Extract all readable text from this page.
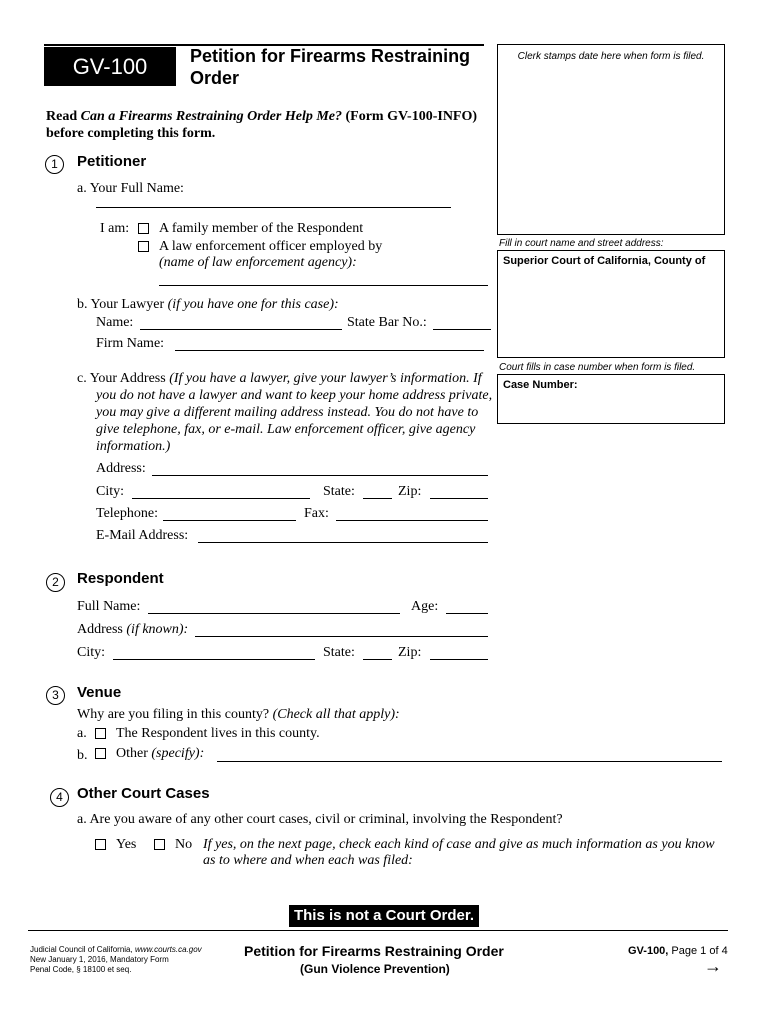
GV-100	Petition for Firearms Restraining
Order
Read Can a Firearms Restraining Order Help Me? (Form GV-100-INFO)
before completing this form.
Clerk stamps date here when form is filed.
Fill in court name and street address:
Superior Court of California, County of
Court fills in case number when form is filed.
Case Number:
1	Petitioner
a. Your Full Name:
I am: A family member of the Respondent
A law enforcement officer employed by
(name of law enforcement agency):
b. Your Lawyer (if you have one for this case):
Name:	State Bar No.:
Firm Name:
c. Your Address (If you have a lawyer, give your lawyer’s information. If
you do not have a lawyer and want to keep your home address private,
you may give a different mailing address instead. You do not have to
give telephone, fax, or e-mail. Law enforcement officer, give agency
information.)
Address:
City:	State:	Zip:
Telephone:	Fax:
E-Mail Address:
2	Respondent
Full Name:	Age:
Address (if known):
City:	State:	Zip:
3	Venue
Why are you filing in this county? (Check all that apply):
a. The Respondent lives in this county.
b. Other (specify):
4 Other Court Cases
a. Are you aware of any other court cases, civil or criminal, involving the Respondent?
Yes	No If yes, on the next page, check each kind of case and give as much information as you know
as to where and when each was filed:
This is not a Court Order.
Judicial Council of California, www.courts.ca.gov
New January 1, 2016, Mandatory Form
Penal Code, § 18100 et seq.
Petition for Firearms Restraining Order
(Gun Violence Prevention)
GV-100, Page 1 of 4
→
